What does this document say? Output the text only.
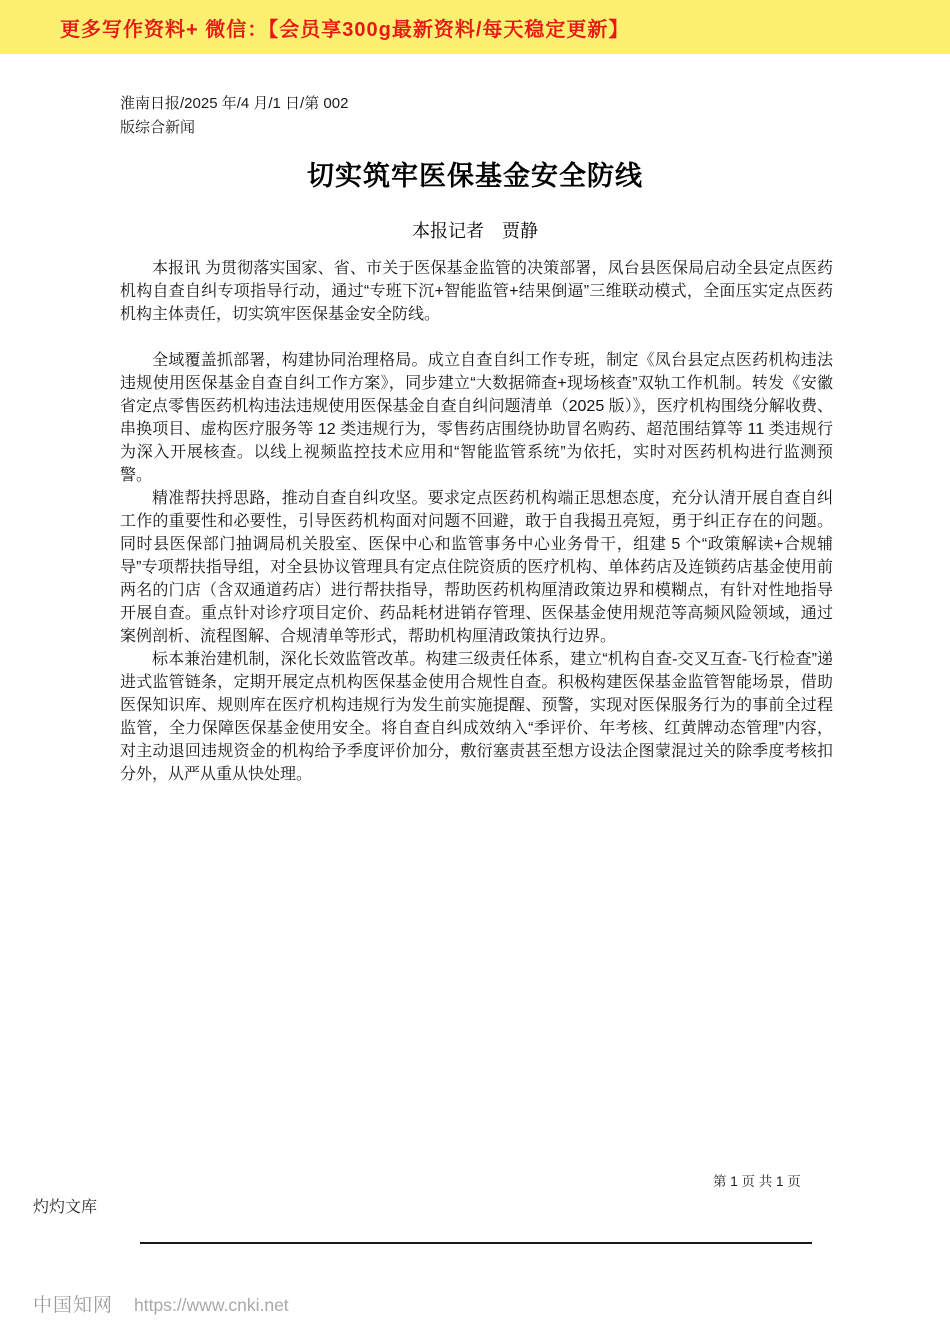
更多写作资料+ 微信：【会员享300g最新资料/每天稳定更新】
淮南日报/2025 年/4 月/1 日/第 002
版综合新闻
切实筑牢医保基金安全防线
本报记者　贾静

本报讯 为贯彻落实国家、省、市关于医保基金监管的决策部署，凤台县医保局启动全县定点医药机构自查自纠专项指导行动，通过“专班下沉+智能监管+结果倒逼”三维联动模式，全面压实定点医药机构主体责任，切实筑牢医保基金安全防线。

全域覆盖抓部署，构建协同治理格局。成立自查自纠工作专班，制定《凤台县定点医药机构违法违规使用医保基金自查自纠工作方案》，同步建立“大数据筛查+现场核查”双轨工作机制。转发《安徽省定点零售医药机构违法违规使用医保基金自查自纠问题清单（2025 版）》，医疗机构围绕分解收费、串换项目、虚构医疗服务等 12 类违规行为，零售药店围绕协助冒名购药、超范围结算等 11 类违规行为深入开展核查。以线上视频监控技术应用和“智能监管系统”为依托，实时对医药机构进行监测预警。

精准帮扶捋思路，推动自查自纠攻坚。要求定点医药机构端正思想态度，充分认清开展自查自纠工作的重要性和必要性，引导医药机构面对问题不回避，敢于自我揭丑亮短，勇于纠正存在的问题。同时县医保部门抽调局机关股室、医保中心和监管事务中心业务骨干，组建 5 个“政策解读+合规辅导”专项帮扶指导组，对全县协议管理具有定点住院资质的医疗机构、单体药店及连锁药店基金使用前两名的门店（含双通道药店）进行帮扶指导，帮助医药机构厘清政策边界和模糊点，有针对性地指导开展自查。重点针对诊疗项目定价、药品耗材进销存管理、医保基金使用规范等高频风险领域，通过案例剖析、流程图解、合规清单等形式，帮助机构厘清政策执行边界。

标本兼治建机制，深化长效监管改革。构建三级责任体系，建立“机构自查-交叉互查-飞行检查”递进式监管链条，定期开展定点机构医保基金使用合规性自查。积极构建医保基金监管智能场景，借助医保知识库、规则库在医疗机构违规行为发生前实施提醒、预警，实现对医保服务行为的事前全过程监管，全力保障医保基金使用安全。将自查自纠成效纳入“季评价、年考核、红黄牌动态管理”内容，对主动退回违规资金的机构给予季度评价加分，敷衍塞责甚至想方设法企图蒙混过关的除季度考核扣分外，从严从重从快处理。

第 1 页 共 1 页
灼灼文库
中国知网 https://www.cnki.net
